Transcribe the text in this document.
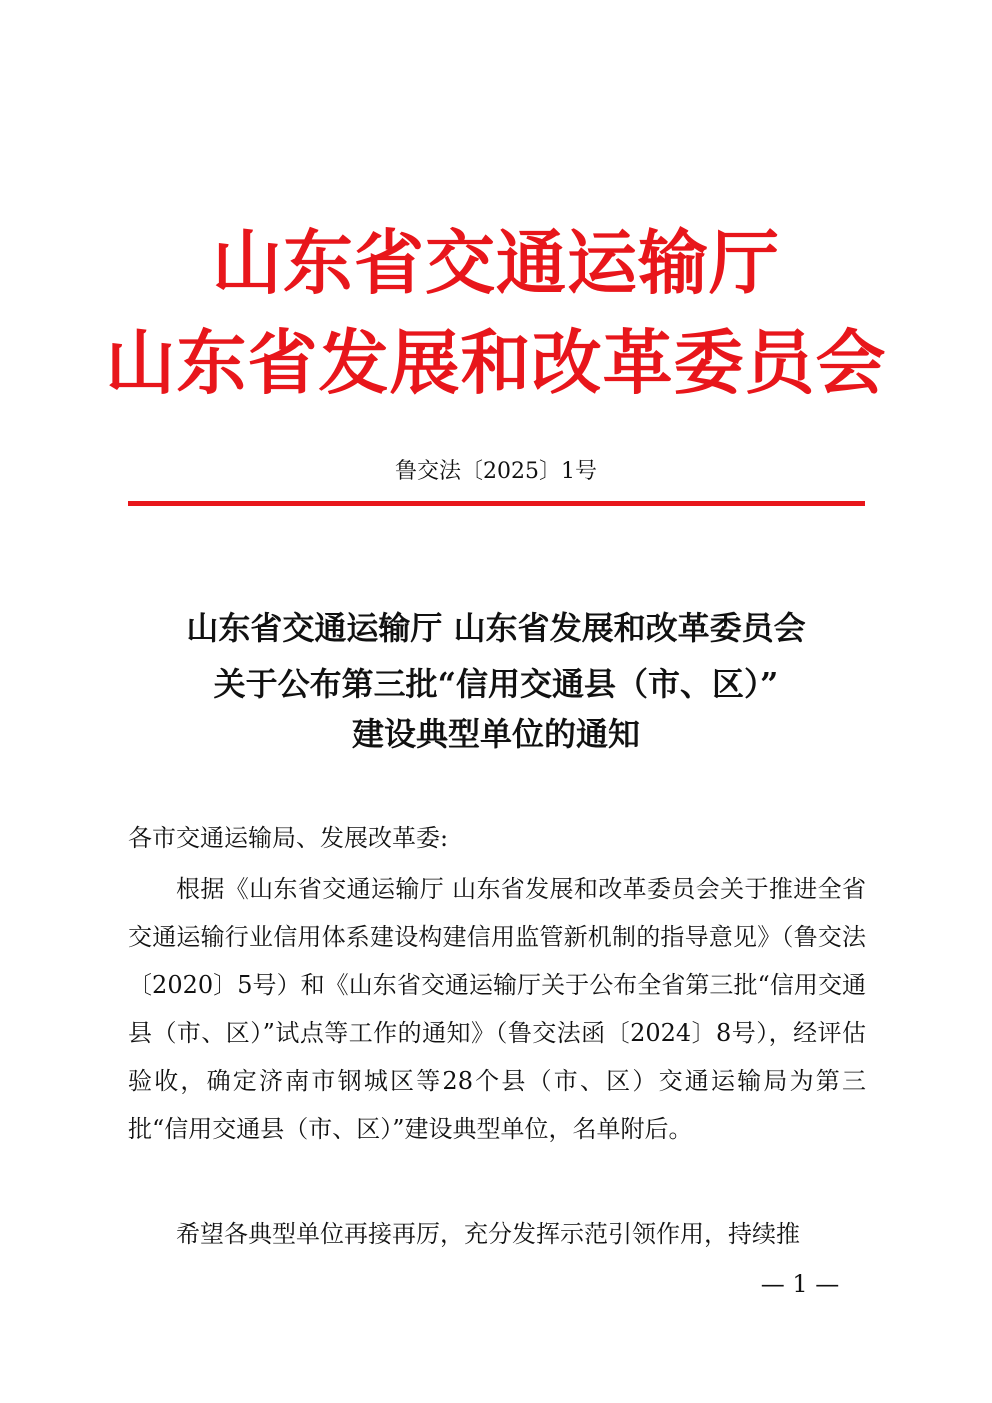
山东省交通运输厅
山东省发展和改革委员会
鲁交法〔2025〕1号
山东省交通运输厅 山东省发展和改革委员会
关于公布第三批“信用交通县（市、区）”
建设典型单位的通知
各市交通运输局、发展改革委:
根据《山东省交通运输厅 山东省发展和改革委员会关于推进全省交通运输行业信用体系建设构建信用监管新机制的指导意见》（鲁交法〔2020〕5号）和《山东省交通运输厅关于公布全省第三批“信用交通县（市、区）”试点等工作的通知》（鲁交法函〔2024〕8号），经评估验收，确定济南市钢城区等28个县（市、区）交通运输局为第三批“信用交通县（市、区）”建设典型单位，名单附后。
希望各典型单位再接再厉，充分发挥示范引领作用，持续推
— 1 —
